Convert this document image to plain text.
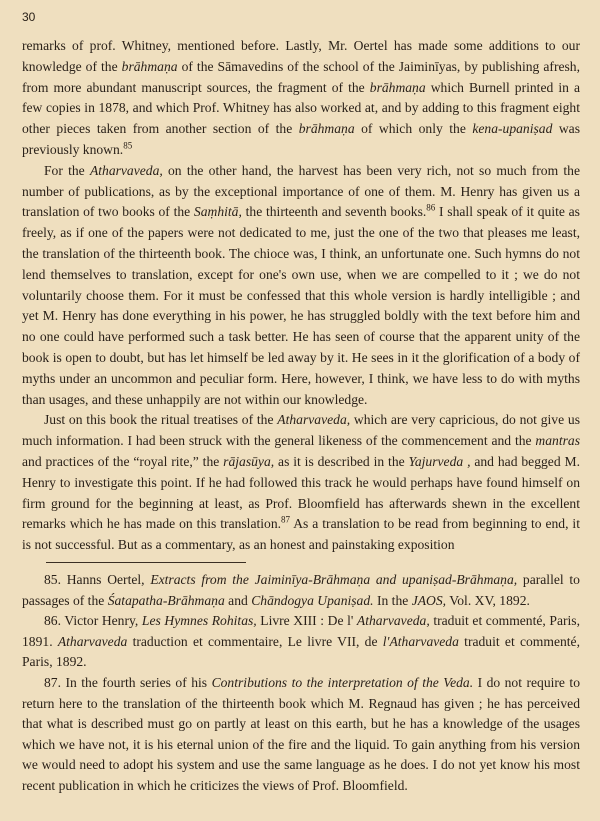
30

remarks of prof. Whitney, mentioned before. Lastly, Mr. Oertel has made some additions to our knowledge of the brāhmaṇa of the Sāmavedins of the school of the Jaiminīyas, by publishing afresh, from more abundant manuscript sources, the fragment of the brāhmaṇa which Burnell printed in a few copies in 1878, and which Prof. Whitney has also worked at, and by adding to this fragment eight other pieces taken from another section of the brāhmaṇa of which only the kena-upaniṣad was previously known.$^{85}$

For the Atharvaveda, on the other hand, the harvest has been very rich, not so much from the number of publications, as by the exceptional importance of one of them. M. Henry has given us a translation of two books of the Saṃhitā, the thirteenth and seventh books.$^{86}$ I shall speak of it quite as freely, as if one of the papers were not dedicated to me, just the one of the two that pleases me least, the translation of the thirteenth book. The chioce was, I think, an unfortunate one. Such hymns do not lend themselves to translation, except for one's own use, when we are compelled to it ; we do not voluntarily choose them. For it must be confessed that this whole version is hardly intelligible ; and yet M. Henry has done everything in his power, he has struggled boldly with the text before him and no one could have performed such a task better. He has seen of course that the apparent unity of the book is open to doubt, but has let himself be led away by it. He sees in it the glorification of a body of myths under an uncommon and peculiar form. Here, however, I think, we have less to do with myths than usages, and these unhappily are not within our knowledge.

Just on this book the ritual treatises of the Atharvaveda, which are very capricious, do not give us much information. I had been struck with the general likeness of the commencement and the mantras and practices of the “royal rite,” the rājasūya, as it is described in the Yajurveda , and had begged M. Henry to investigate this point. If he had followed this track he would perhaps have found himself on firm ground for the beginning at least, as Prof. Bloomfield has afterwards shewn in the excellent remarks which he has made on this translation.$^{87}$ As a translation to be read from beginning to end, it is not successful. But as a commentary, as an honest and painstaking exposition

85. Hanns Oertel, Extracts from the Jaiminīya-Brāhmaṇa and upaniṣad-Brāhmaṇa, parallel to passages of the Śatapatha-Brāhmaṇa and Chāndogya Upaniṣad. In the JAOS, Vol. XV, 1892.

86. Victor Henry, Les Hymnes Rohitas, Livre XIII : De l' Atharvaveda, traduit et commenté, Paris, 1891. Atharvaveda traduction et commentaire, Le livre VII, de l'Atharvaveda traduit et commenté, Paris, 1892.

87. In the fourth series of his Contributions to the interpretation of the Veda. I do not require to return here to the translation of the thirteenth book which M. Regnaud has given ; he has perceived that what is described must go on partly at least on this earth, but he has a knowledge of the usages which we have not, it is his eternal union of the fire and the liquid. To gain anything from his version we would need to adopt his system and use the same language as he does. I do not yet know his most recent publication in which he criticizes the views of Prof. Bloomfield.
